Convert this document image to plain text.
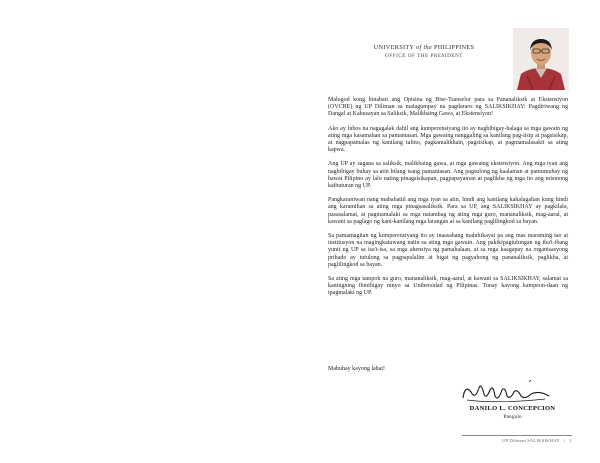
UNIVERSITY of the PHILIPPINES
OFFICE OF THE PRESIDENT

Malugod kong binabati ang Opisina ng Bise-Tsanselor para sa Pananaliksik at Ekstensiyon (OVCRE) ng UP Diliman sa matagumpay na pagdaraos ng SALIKSIKHAY: Pagdiriwang ng Dangal at Kahusayan sa Saliksik, Malikhaing Gawa, at Ekstensiyon!

Ako ay lubos na nagagalak dahil ang kumperensiyang ito ay nagbibigay-halaga sa mga gawain ng ating mga kasamahan sa pamantasan. Mga gawaing nanggaling sa kanilang pag-iisip at pagsisikap, at nagpapamalas ng kanilang talino, pagkamalikhain, pagsisikap, at pagmamalasakit sa ating kapwa.

Ang UP ay sagana sa saliksik, malikhaing gawa, at mga gawaing ekstensiyon. Ang mga iyan ang nagbibigay buhay sa atin bilang isang pamantasan. Ang pagsulong ng kaalaman at pamumuhay ng bawat Pilipino ay lalo nating pinagsisikapan, pagpapayaman at paglikha ng mga ito ang mismong kaibuturan ng UP.

Pangkaraniwan nang mababatid ang mga iyan sa atin, hindi ang kanilang kahalagahan kung hindi ang karamihan sa ating mga pinagsasaliksik. Para sa UP, ang SALIKSIKHAY ay pagkilala, pasasalamat, at pagmamalaki sa mga naiambag ng ating mga guro, mananaliksik, mag-aaral, at kawani sa paglago ng kani-kanilang mga larangan at sa kanilang paglilingkod sa bayan.

Sa pamamagitan ng kumperensiyang ito ay inaasahang mahihikayat pa ang mas maraming tao at institusyon na magingkatuwang natin sa ating mga gawain. Ang pakikipagtulungan ng iba't-ibang yunit ng UP sa isa't-isa, sa mga ahensiya ng pamahalaan, at sa mga kaagapay na organisasyong pribado ay tutulong sa pagpapalalim at bigat ng pagyabong ng pananaliksik, paglikha, at paglilingkod sa bayan.

Sa ating mga tampok na guro, mananaliksik, mag-aaral, at kawani sa SALIKSIKHAY, salamat sa kaningning ibinibigay ninyo sa Unibersidad ng Pilipinas. Tunay kayong kampeon-daan ng ipagmalaki ng UP.

Mabuhay kayong lahat!
DANILO L. CONCEPCION
Pangulo
UP Diliman SALIKSIKHAY | 1
